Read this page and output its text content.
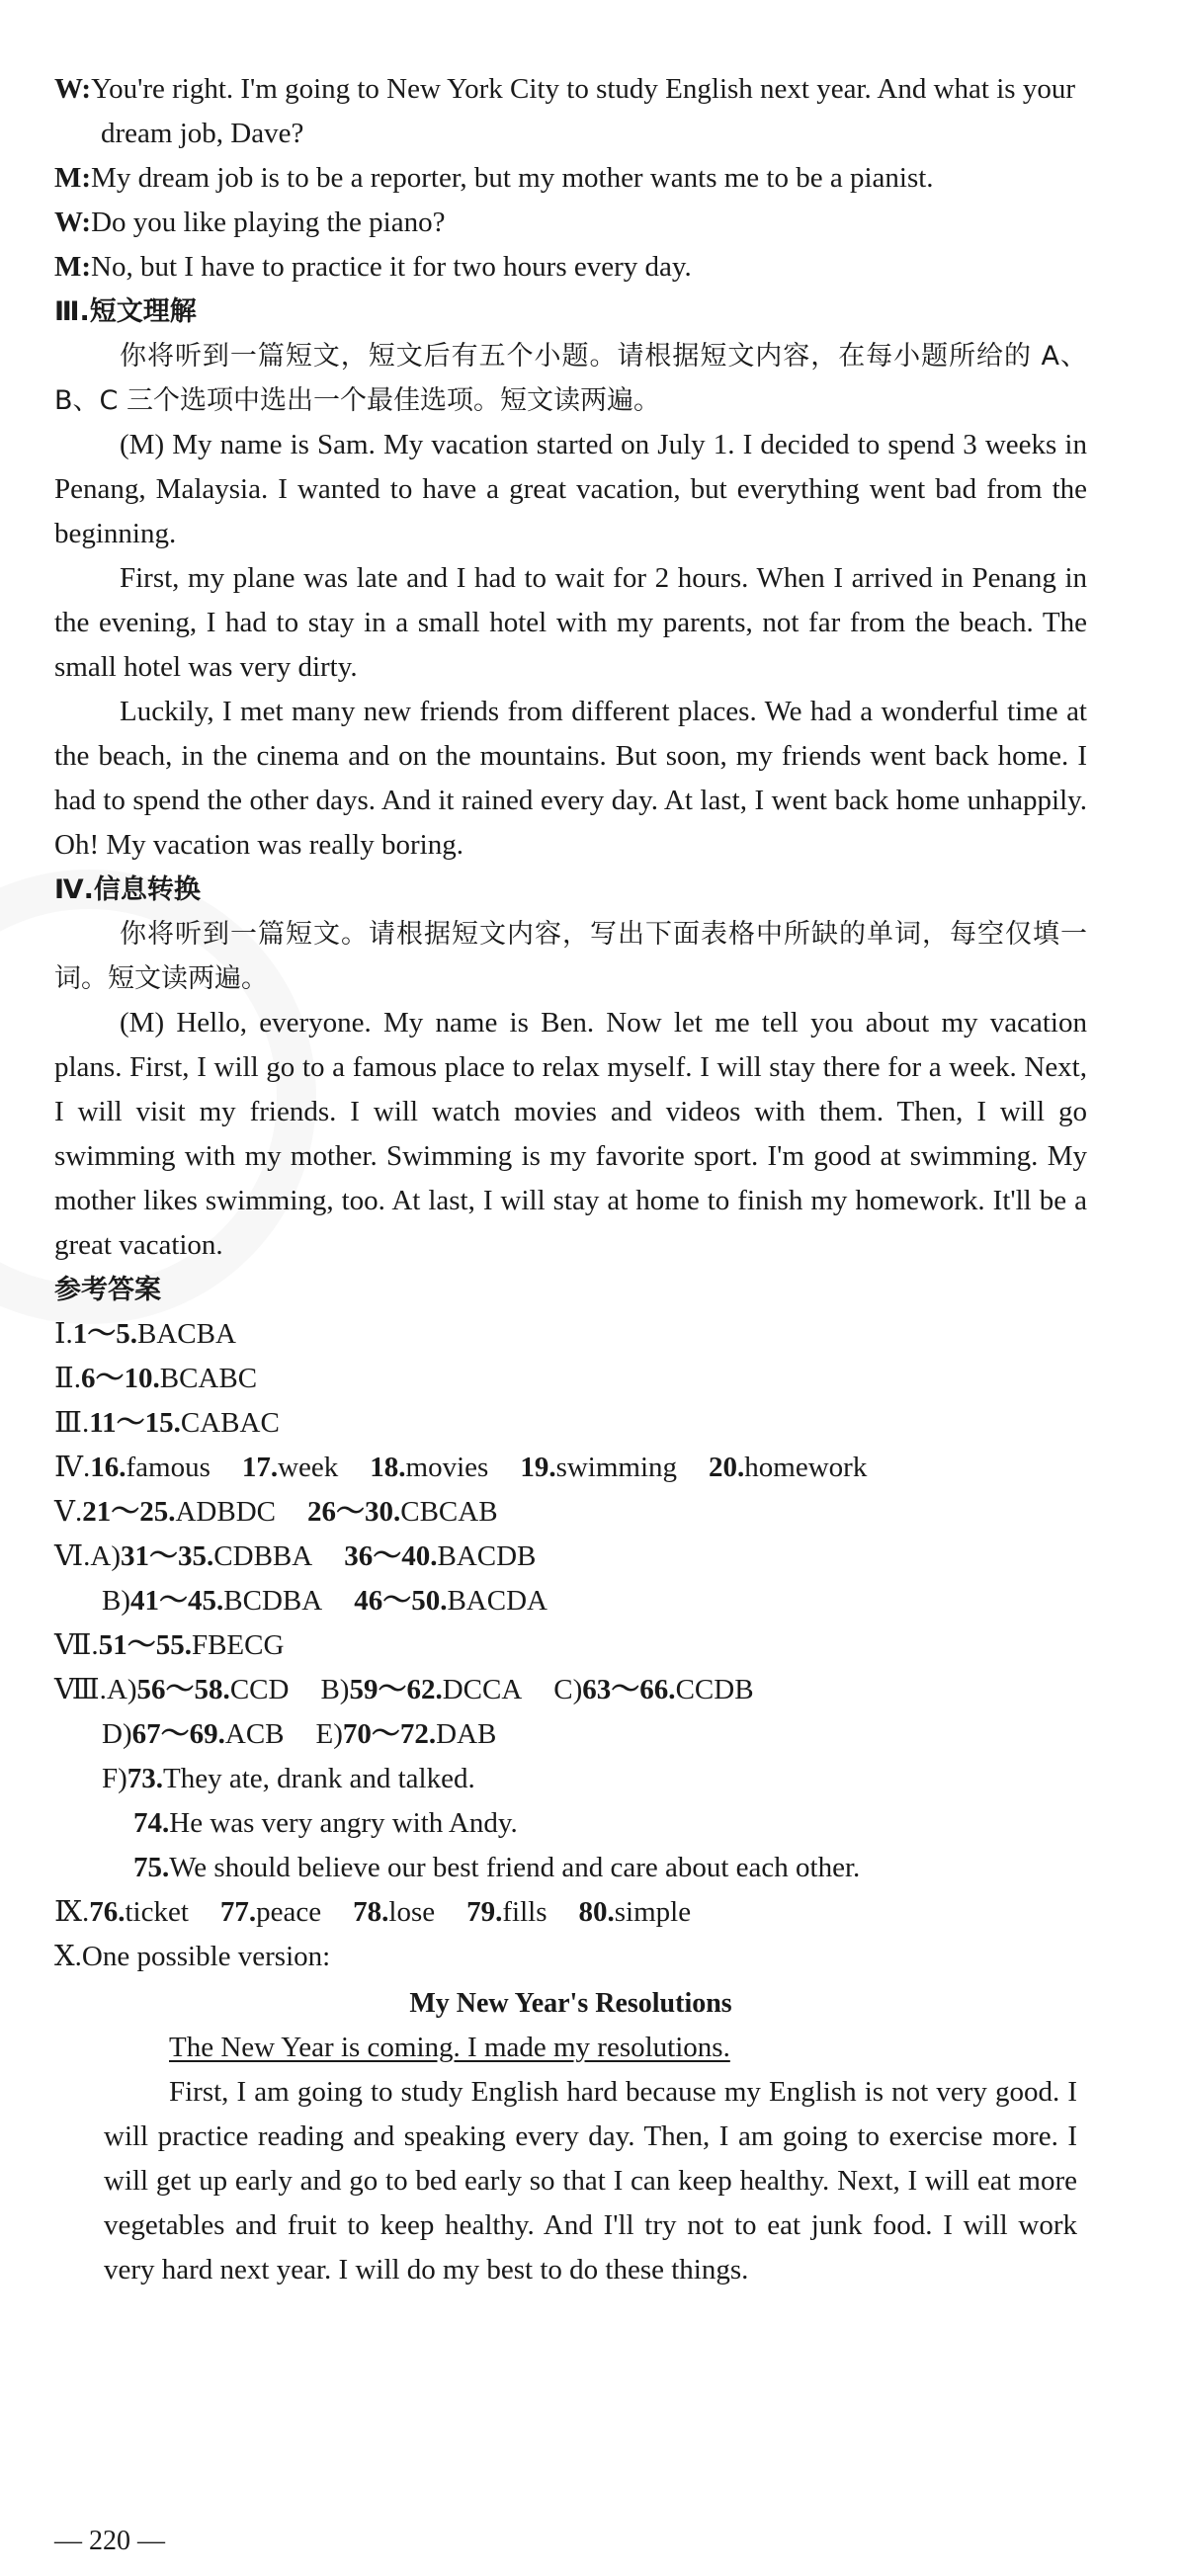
W:You're right. I'm going to New York City to study English next year. And what is your dream job, Dave?

M:My dream job is to be a reporter, but my mother wants me to be a pianist.

W:Do you like playing the piano?

M:No, but I have to practice it for two hours every day.

Ⅲ.短文理解

你将听到一篇短文，短文后有五个小题。请根据短文内容，在每小题所给的 A、B、C 三个选项中选出一个最佳选项。短文读两遍。

(M) My name is Sam. My vacation started on July 1. I decided to spend 3 weeks in Penang, Malaysia. I wanted to have a great vacation, but everything went bad from the beginning.

First, my plane was late and I had to wait for 2 hours. When I arrived in Penang in the evening, I had to stay in a small hotel with my parents, not far from the beach. The small hotel was very dirty.

Luckily, I met many new friends from different places. We had a wonderful time at the beach, in the cinema and on the mountains. But soon, my friends went back home. I had to spend the other days. And it rained every day. At last, I went back home unhappily. Oh! My vacation was really boring.

Ⅳ.信息转换

你将听到一篇短文。请根据短文内容，写出下面表格中所缺的单词，每空仅填一词。短文读两遍。

(M) Hello, everyone. My name is Ben. Now let me tell you about my vacation plans. First, I will go to a famous place to relax myself. I will stay there for a week. Next, I will visit my friends. I will watch movies and videos with them. Then, I will go swimming with my mother. Swimming is my favorite sport. I'm good at swimming. My mother likes swimming, too. At last, I will stay at home to finish my homework. It'll be a great vacation.

参考答案

Ⅰ.1～5.BACBA

Ⅱ.6～10.BCABC

Ⅲ.11～15.CABAC

Ⅳ.16.famous 17.week 18.movies 19.swimming 20.homework

Ⅴ.21～25.ADBDC 26～30.CBCAB

Ⅵ.A)31～35.CDBBA 36～40.BACDB

B)41～45.BCDBA 46～50.BACDA

Ⅶ.51～55.FBECG

Ⅷ.A)56～58.CCD B)59～62.DCCA C)63～66.CCDB

D)67～69.ACB E)70～72.DAB

F)73.They ate, drank and talked.

74.He was very angry with Andy.

75.We should believe our best friend and care about each other.

Ⅸ.76.ticket 77.peace 78.lose 79.fills 80.simple

Ⅹ.One possible version:

My New Year's Resolutions

The New Year is coming. I made my resolutions.

First, I am going to study English hard because my English is not very good. I will practice reading and speaking every day. Then, I am going to exercise more. I will get up early and go to bed early so that I can keep healthy. Next, I will eat more vegetables and fruit to keep healthy. And I'll try not to eat junk food. I will work very hard next year. I will do my best to do these things.

— 220 —
